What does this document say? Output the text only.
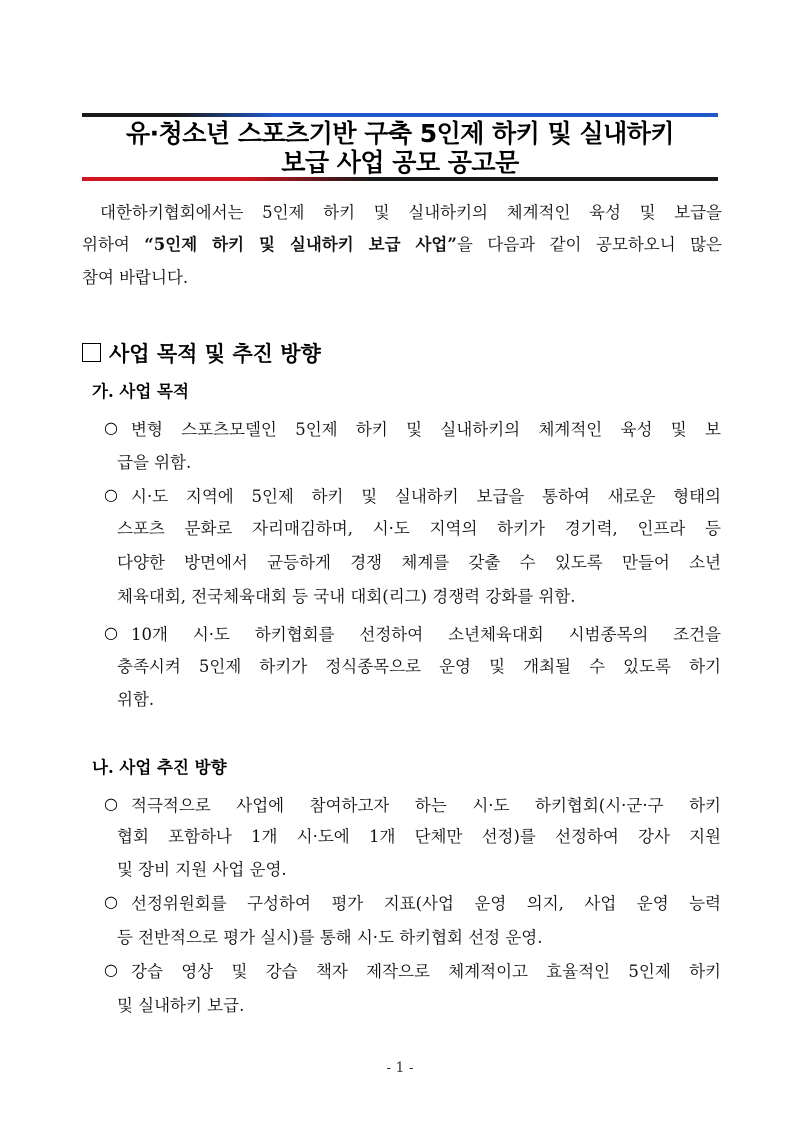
유·청소년 스포츠기반 구축 5인제 하키 및 실내하키
보급 사업 공모 공고문
대한하키협회에서는 5인제 하키 및 실내하키의 체계적인 육성 및 보급을
위하여 “5인제 하키 및 실내하키 보급 사업”을 다음과 같이 공모하오니 많은
참여 바랍니다.
사업 목적 및 추진 방향
가. 사업 목적
○ 변형 스포츠모델인 5인제 하키 및 실내하키의 체계적인 육성 및 보
급을 위함.
○ 시·도 지역에 5인제 하키 및 실내하키 보급을 통하여 새로운 형태의
스포츠 문화로 자리매김하며, 시·도 지역의 하키가 경기력, 인프라 등
다양한 방면에서 균등하게 경쟁 체계를 갖출 수 있도록 만들어 소년
체육대회, 전국체육대회 등 국내 대회(리그) 경쟁력 강화를 위함.
○ 10개 시·도 하키협회를 선정하여 소년체육대회 시범종목의 조건을
충족시켜 5인제 하키가 정식종목으로 운영 및 개최될 수 있도록 하기
위함.
나. 사업 추진 방향
○ 적극적으로 사업에 참여하고자 하는 시·도 하키협회(시·군·구 하키
협회 포함하나 1개 시·도에 1개 단체만 선정)를 선정하여 강사 지원
및 장비 지원 사업 운영.
○ 선정위원회를 구성하여 평가 지표(사업 운영 의지, 사업 운영 능력
등 전반적으로 평가 실시)를 통해 시·도 하키협회 선정 운영.
○ 강습 영상 및 강습 책자 제작으로 체계적이고 효율적인 5인제 하키
및 실내하키 보급.
- 1 -
